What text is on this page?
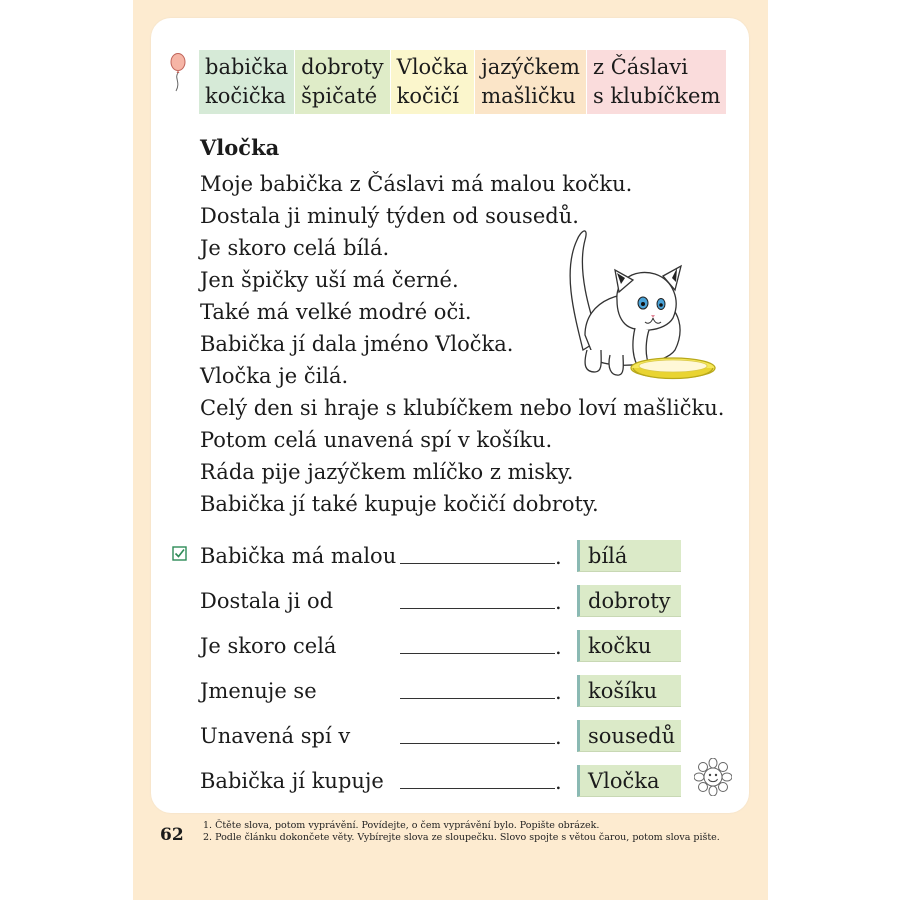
babička
kočička
dobroty
špičaté
Vločka
kočičí
jazýčkem
mašličku
z Čáslavi
s klubíčkem
Vločka
Moje babička z Čáslavi má malou kočku.
Dostala ji minulý týden od sousedů.
Je skoro celá bílá.
Jen špičky uší má černé.
Také má velké modré oči.
Babička jí dala jméno Vločka.
Vločka je čilá.
Celý den si hraje s klubíčkem nebo loví mašličku.
Potom celá unavená spí v košíku.
Ráda pije jazýčkem mlíčko z misky.
Babička jí také kupuje kočičí dobroty.
Babička má malou	.	bílá
Dostala ji od	.	dobroty
Je skoro celá	.	kočku
Jmenuje se	.	košíku
Unavená spí v	.	sousedů
Babička jí kupuje	.	Vločka
62 1. Čtěte slova, potom vyprávění. Povídejte, o čem vyprávění bylo. Popište obrázek.
2. Podle článku dokončete věty. Vybírejte slova ze sloupečku. Slovo spojte s větou čarou, potom slova pište.
